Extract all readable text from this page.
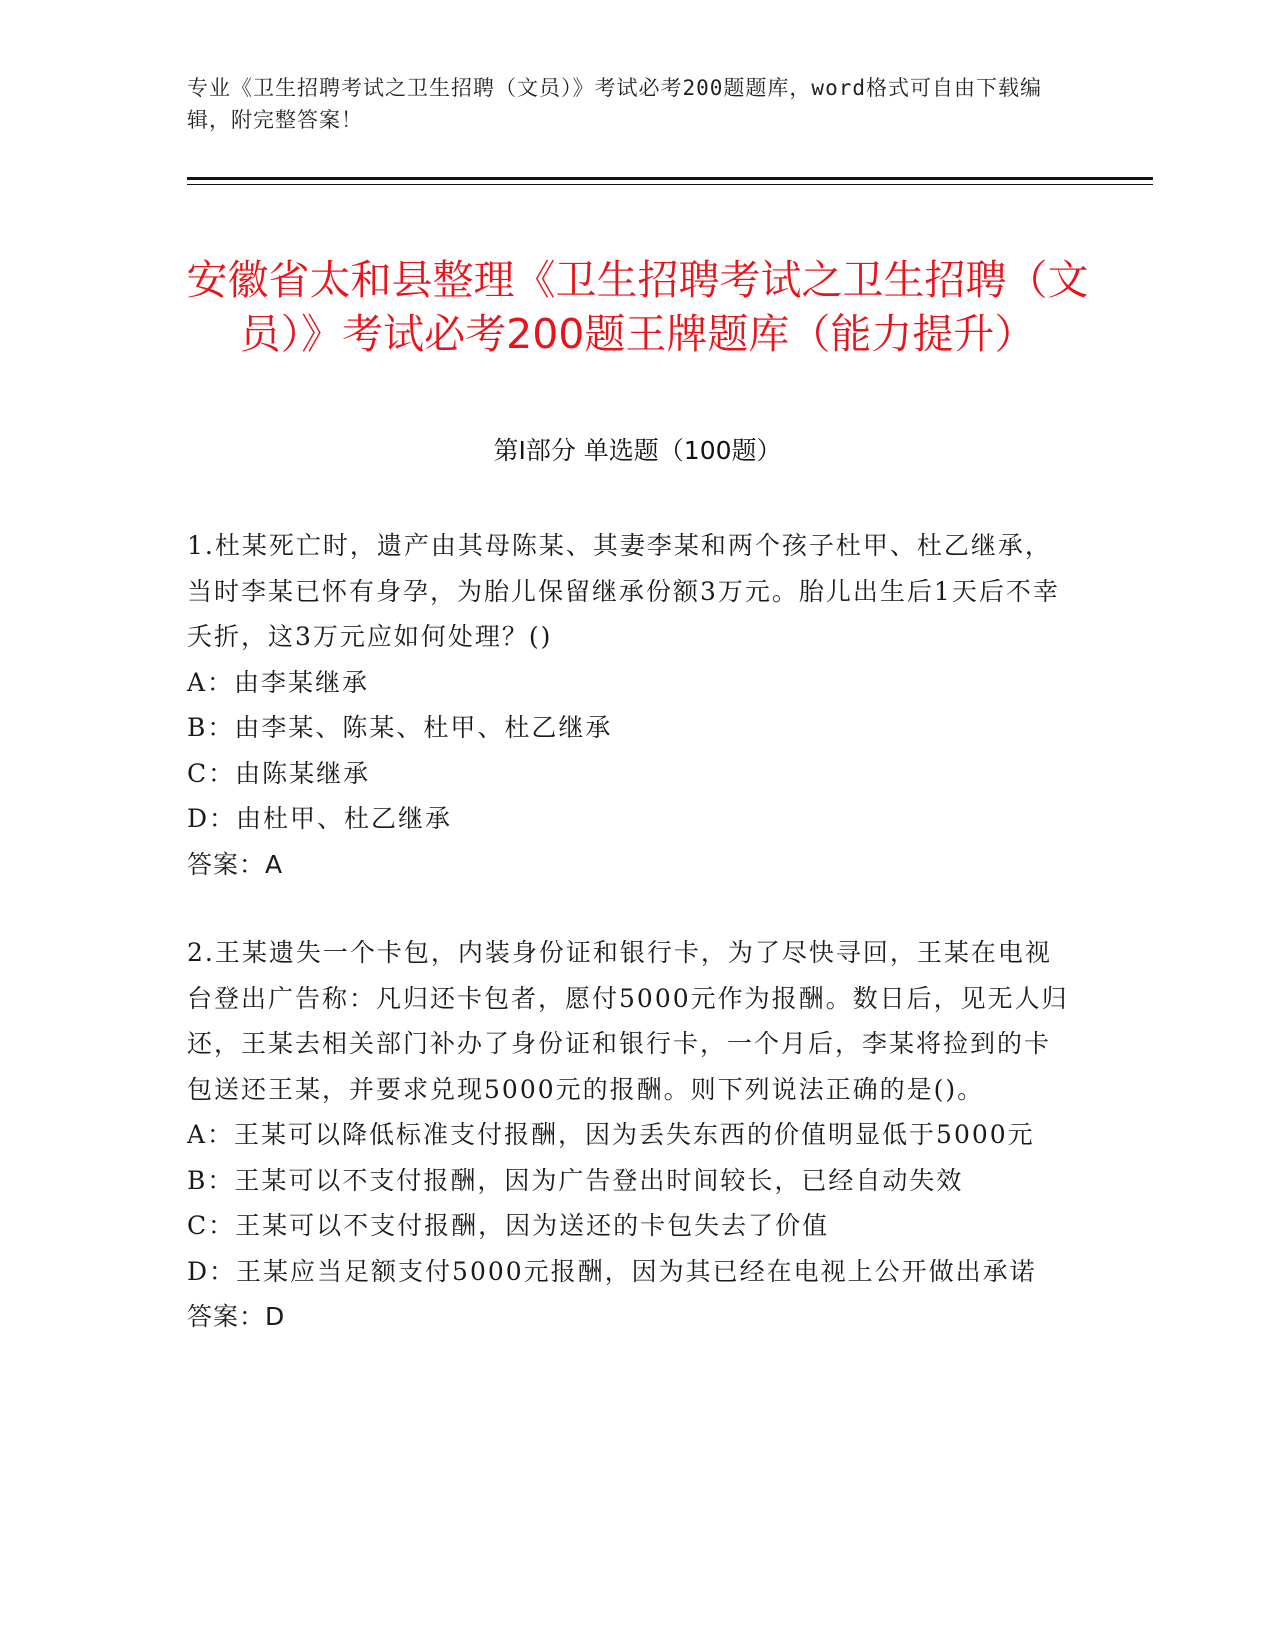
专业《卫生招聘考试之卫生招聘（文员）》考试必考200题题库，word格式可自由下载编辑，附完整答案！
安徽省太和县整理《卫生招聘考试之卫生招聘（文员）》考试必考200题王牌题库（能力提升）
第I部分 单选题（100题）

1.杜某死亡时，遗产由其母陈某、其妻李某和两个孩子杜甲、杜乙继承，当时李某已怀有身孕，为胎儿保留继承份额3万元。胎儿出生后1天后不幸夭折，这3万元应如何处理？()

A：由李某继承

B：由李某、陈某、杜甲、杜乙继承

C：由陈某继承

D：由杜甲、杜乙继承

答案：A

2.王某遗失一个卡包，内装身份证和银行卡，为了尽快寻回，王某在电视台登出广告称：凡归还卡包者，愿付5000元作为报酬。数日后，见无人归还，王某去相关部门补办了身份证和银行卡，一个月后，李某将捡到的卡包送还王某，并要求兑现5000元的报酬。则下列说法正确的是()。

A：王某可以降低标准支付报酬，因为丢失东西的价值明显低于5000元

B：王某可以不支付报酬，因为广告登出时间较长，已经自动失效

C：王某可以不支付报酬，因为送还的卡包失去了价值

D：王某应当足额支付5000元报酬，因为其已经在电视上公开做出承诺

答案：D
